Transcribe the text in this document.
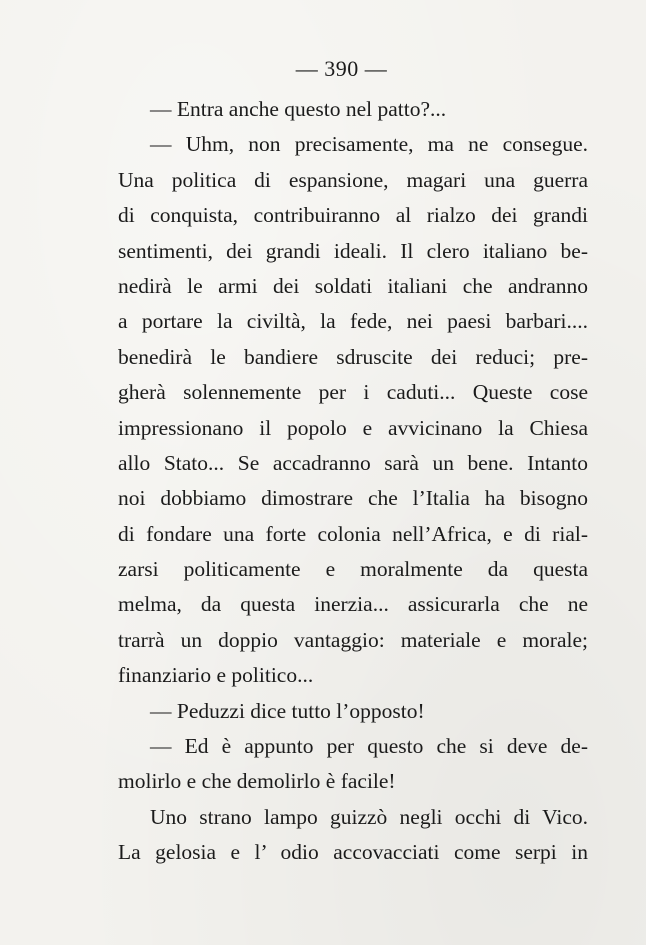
— 390 —
— Entra anche questo nel patto?...
— Uhm, non precisamente, ma ne consegue.
Una politica di espansione, magari una guerra
di conquista, contribuiranno al rialzo dei grandi
sentimenti, dei grandi ideali. Il clero italiano be-
nedirà le armi dei soldati italiani che andranno
a portare la civiltà, la fede, nei paesi barbari....
benedirà le bandiere sdruscite dei reduci; pre-
gherà solennemente per i caduti... Queste cose
impressionano il popolo e avvicinano la Chiesa
allo Stato... Se accadranno sarà un bene. Intanto
noi dobbiamo dimostrare che l’Italia ha bisogno
di fondare una forte colonia nell’Africa, e di rial-
zarsi politicamente e moralmente da questa
melma, da questa inerzia... assicurarla che ne
trarrà un doppio vantaggio: materiale e morale;
finanziario e politico...
— Peduzzi dice tutto l’opposto!
— Ed è appunto per questo che si deve de-
molirlo e che demolirlo è facile!
Uno strano lampo guizzò negli occhi di Vico.
La gelosia e l’ odio accovacciati come serpi in
